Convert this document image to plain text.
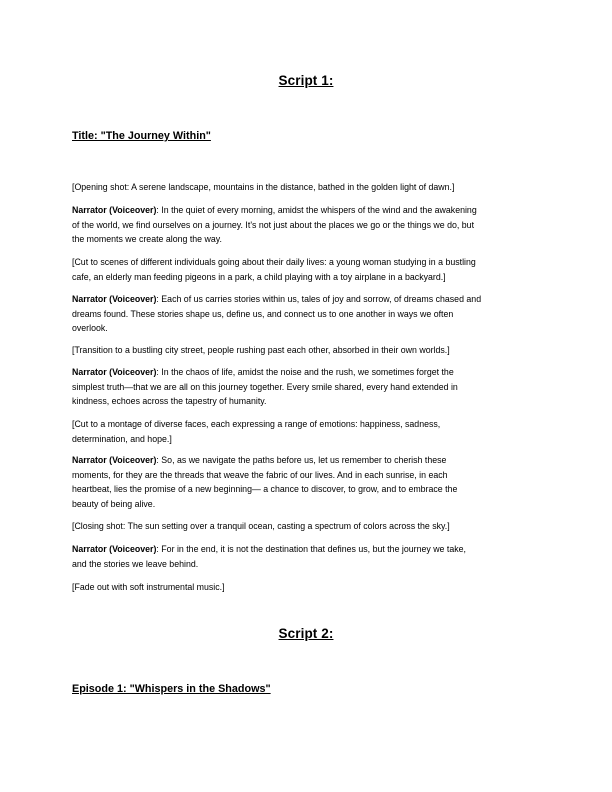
Script 1:
Title: "The Journey Within"
[Opening shot: A serene landscape, mountains in the distance, bathed in the golden light of dawn.]
Narrator (Voiceover): In the quiet of every morning, amidst the whispers of the wind and the awakening
of the world, we find ourselves on a journey. It's not just about the places we go or the things we do, but
the moments we create along the way.
[Cut to scenes of different individuals going about their daily lives: a young woman studying in a bustling
cafe, an elderly man feeding pigeons in a park, a child playing with a toy airplane in a backyard.]
Narrator (Voiceover): Each of us carries stories within us, tales of joy and sorrow, of dreams chased and
dreams found. These stories shape us, define us, and connect us to one another in ways we often
overlook.
[Transition to a bustling city street, people rushing past each other, absorbed in their own worlds.]
Narrator (Voiceover): In the chaos of life, amidst the noise and the rush, we sometimes forget the
simplest truth—that we are all on this journey together. Every smile shared, every hand extended in
kindness, echoes across the tapestry of humanity.
[Cut to a montage of diverse faces, each expressing a range of emotions: happiness, sadness,
determination, and hope.]
Narrator (Voiceover): So, as we navigate the paths before us, let us remember to cherish these
moments, for they are the threads that weave the fabric of our lives. And in each sunrise, in each
heartbeat, lies the promise of a new beginning— a chance to discover, to grow, and to embrace the
beauty of being alive.
[Closing shot: The sun setting over a tranquil ocean, casting a spectrum of colors across the sky.]
Narrator (Voiceover): For in the end, it is not the destination that defines us, but the journey we take,
and the stories we leave behind.
[Fade out with soft instrumental music.]
Script 2:
Episode 1: "Whispers in the Shadows"
